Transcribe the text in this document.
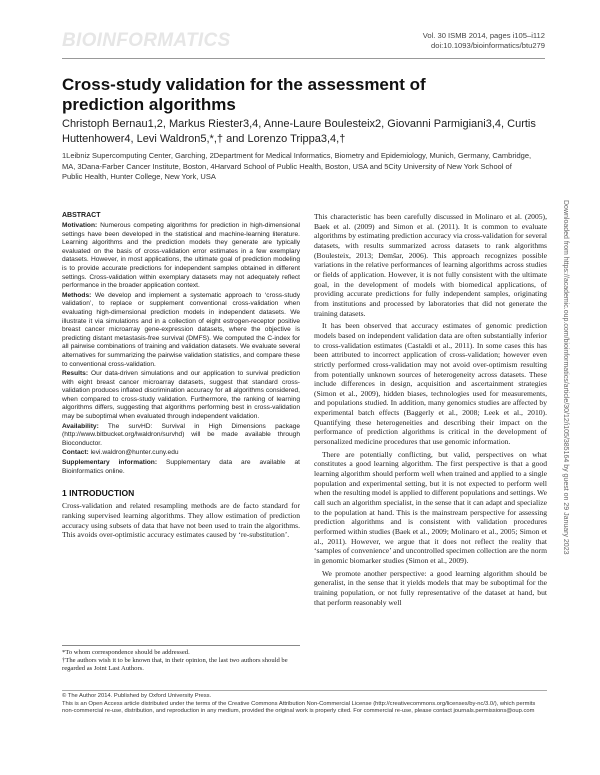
BIOINFORMATICS	Vol. 30 ISMB 2014, pages i105–i112
doi:10.1093/bioinformatics/btu279
Cross-study validation for the assessment of prediction algorithms
Christoph Bernau1,2, Markus Riester3,4, Anne-Laure Boulesteix2, Giovanni Parmigiani3,4, Curtis Huttenhower4, Levi Waldron5,*,† and Lorenzo Trippa3,4,†
1Leibniz Supercomputing Center, Garching, 2Department for Medical Informatics, Biometry and Epidemiology, Munich, Germany, Cambridge, MA, 3Dana-Farber Cancer Institute, Boston, 4Harvard School of Public Health, Boston, USA and 5City University of New York School of Public Health, Hunter College, New York, USA
Downloaded from https://academic.oup.com/bioinformatics/article/30/12/i105/385164 by guest on 29 January 2023
ABSTRACT

Motivation: Numerous competing algorithms for prediction in high-dimensional settings have been developed in the statistical and machine-learning literature. Learning algorithms and the prediction models they generate are typically evaluated on the basis of cross-validation error estimates in a few exemplary datasets. However, in most applications, the ultimate goal of prediction modeling is to provide accurate predictions for independent samples obtained in different settings. Cross-validation within exemplary datasets may not adequately reflect performance in the broader application context.

Methods: We develop and implement a systematic approach to ‘cross-study validation’, to replace or supplement conventional cross-validation when evaluating high-dimensional prediction models in independent datasets. We illustrate it via simulations and in a collection of eight estrogen-receptor positive breast cancer microarray gene-expression datasets, where the objective is predicting distant metastasis-free survival (DMFS). We computed the C-index for all pairwise combinations of training and validation datasets. We evaluate several alternatives for summarizing the pairwise validation statistics, and compare these to conventional cross-validation.

Results: Our data-driven simulations and our application to survival prediction with eight breast cancer microarray datasets, suggest that standard cross-validation produces inflated discrimination accuracy for all algorithms considered, when compared to cross-study validation. Furthermore, the ranking of learning algorithms differs, suggesting that algorithms performing best in cross-validation may be suboptimal when evaluated through independent validation.

Availability: The survHD: Survival in High Dimensions package (http://www.bitbucket.org/lwaldron/survhd) will be made available through Bioconductor.

Contact: levi.waldron@hunter.cuny.edu

Supplementary information: Supplementary data are available at Bioinformatics online.

1 INTRODUCTION

Cross-validation and related resampling methods are de facto standard for ranking supervised learning algorithms. They allow estimation of prediction accuracy using subsets of data that have not been used to train the algorithms. This avoids over-optimistic accuracy estimates caused by ‘re-substitution’.

This characteristic has been carefully discussed in Molinaro et al. (2005), Baek et al. (2009) and Simon et al. (2011). It is common to evaluate algorithms by estimating prediction accuracy via cross-validation for several datasets, with results summarized across datasets to rank algorithms (Boulesteix, 2013; Demšar, 2006). This approach recognizes possible variations in the relative performances of learning algorithms across studies or fields of application. However, it is not fully consistent with the ultimate goal, in the development of models with biomedical applications, of providing accurate predictions for fully independent samples, originating from institutions and processed by laboratories that did not generate the training datasets.

It has been observed that accuracy estimates of genomic prediction models based on independent validation data are often substantially inferior to cross-validation estimates (Castaldi et al., 2011). In some cases this has been attributed to incorrect application of cross-validation; however even strictly performed cross-validation may not avoid over-optimism resulting from potentially unknown sources of heterogeneity across datasets. These include differences in design, acquisition and ascertainment strategies (Simon et al., 2009), hidden biases, technologies used for measurements, and populations studied. In addition, many genomics studies are affected by experimental batch effects (Baggerly et al., 2008; Leek et al., 2010). Quantifying these heterogeneities and describing their impact on the performance of prediction algorithms is critical in the development of personalized medicine procedures that use genomic information.

There are potentially conflicting, but valid, perspectives on what constitutes a good learning algorithm. The first perspective is that a good learning algorithm should perform well when trained and applied to a single population and experimental setting, but it is not expected to perform well when the resulting model is applied to different populations and settings. We call such an algorithm specialist, in the sense that it can adapt and specialize to the population at hand. This is the mainstream perspective for assessing prediction algorithms and is consistent with validation procedures performed within studies (Baek et al., 2009; Molinaro et al., 2005; Simon et al., 2011). However, we argue that it does not reflect the reality that ‘samples of convenience’ and uncontrolled specimen collection are the norm in genomic biomarker studies (Simon et al., 2009).

We promote another perspective: a good learning algorithm should be generalist, in the sense that it yields models that may be suboptimal for the training population, or not fully representative of the dataset at hand, but that perform reasonably well

*To whom correspondence should be addressed.

†The authors wish it to be known that, in their opinion, the last two authors should be regarded as Joint Last Authors.

© The Author 2014. Published by Oxford University Press.

This is an Open Access article distributed under the terms of the Creative Commons Attribution Non-Commercial License (http://creativecommons.org/licenses/by-nc/3.0/), which permits non-commercial re-use, distribution, and reproduction in any medium, provided the original work is properly cited. For commercial re-use, please contact journals.permissions@oup.com
